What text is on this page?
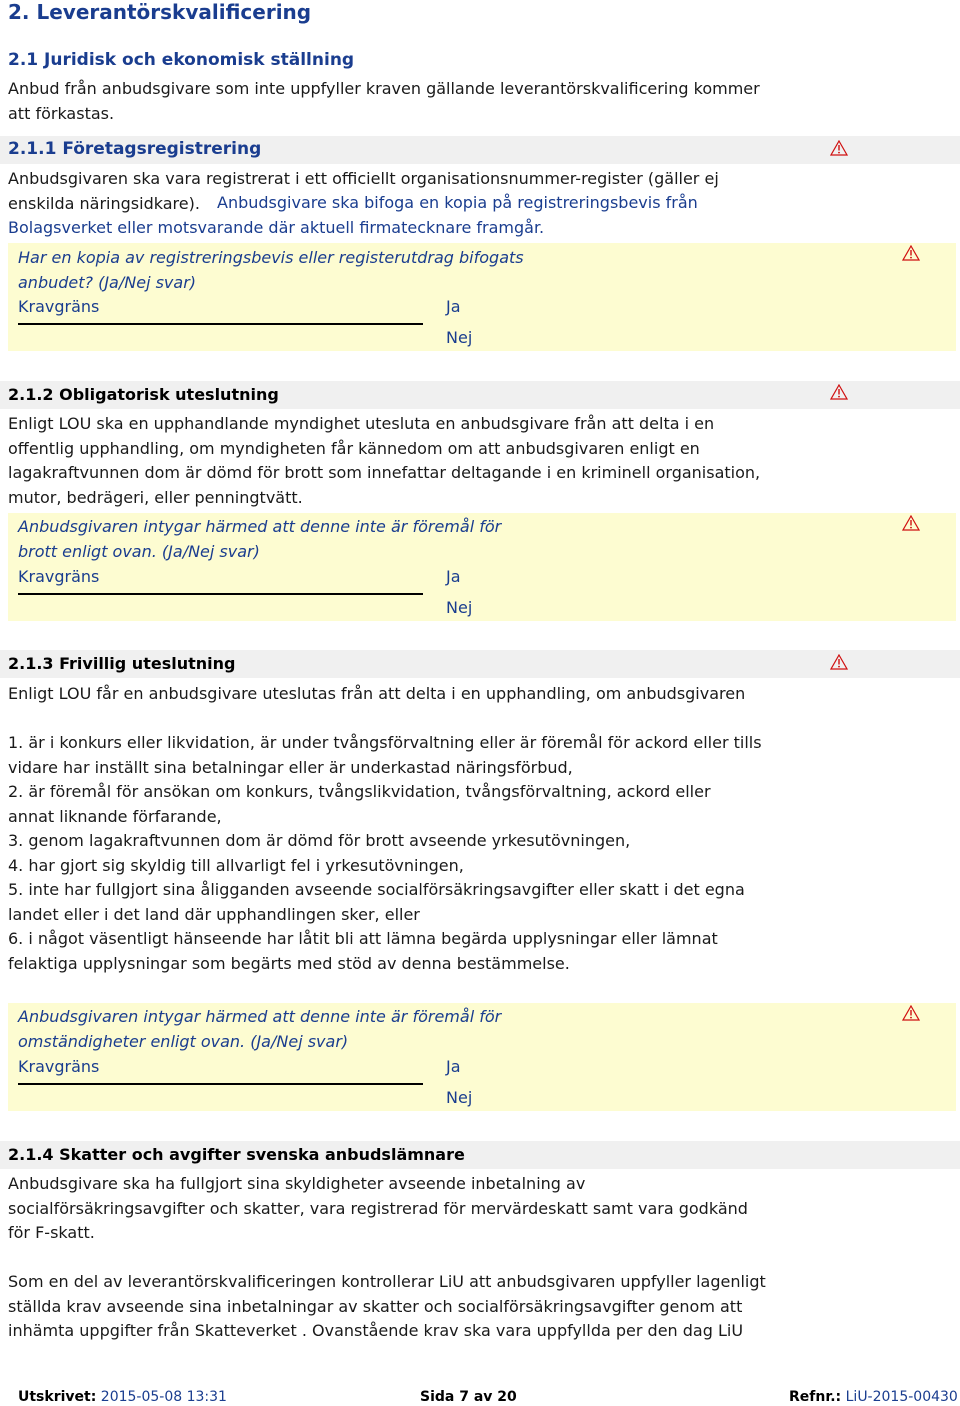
2. Leverantörskvalificering
2.1 Juridisk och ekonomisk ställning
Anbud från anbudsgivare som inte uppfyller kraven gällande leverantörskvalificering kommer
att förkastas.
2.1.1 Företagsregistrering
Anbudsgivaren ska vara registrerat i ett officiellt organisationsnummer-register (gäller ej
enskilda näringsidkare).	Anbudsgivare ska bifoga en kopia på registreringsbevis från
Bolagsverket eller motsvarande där aktuell firmatecknare framgår.
Har en kopia av registreringsbevis eller registerutdrag bifogats
anbudet? (Ja/Nej svar)
Kravgräns	Ja
Nej
2.1.2 Obligatorisk uteslutning
Enligt LOU ska en upphandlande myndighet utesluta en anbudsgivare från att delta i en
offentlig upphandling, om myndigheten får kännedom om att anbudsgivaren enligt en
lagakraftvunnen dom är dömd för brott som innefattar deltagande i en kriminell organisation,
mutor, bedrägeri, eller penningtvätt.
Anbudsgivaren intygar härmed att denne inte är föremål för
brott enligt ovan. (Ja/Nej svar)
Kravgräns	Ja
Nej
2.1.3 Frivillig uteslutning
Enligt LOU får en anbudsgivare uteslutas från att delta i en upphandling, om anbudsgivaren
1. är i konkurs eller likvidation, är under tvångsförvaltning eller är föremål för ackord eller tills
vidare har inställt sina betalningar eller är underkastad näringsförbud,
2. är föremål för ansökan om konkurs, tvångslikvidation, tvångsförvaltning, ackord eller
annat liknande förfarande,
3. genom lagakraftvunnen dom är dömd för brott avseende yrkesutövningen,
4. har gjort sig skyldig till allvarligt fel i yrkesutövningen,
5. inte har fullgjort sina åligganden avseende socialförsäkringsavgifter eller skatt i det egna
landet eller i det land där upphandlingen sker, eller
6. i något väsentligt hänseende har låtit bli att lämna begärda upplysningar eller lämnat
felaktiga upplysningar som begärts med stöd av denna bestämmelse.
Anbudsgivaren intygar härmed att denne inte är föremål för
omständigheter enligt ovan. (Ja/Nej svar)
Kravgräns	Ja
Nej
2.1.4 Skatter och avgifter svenska anbudslämnare
Anbudsgivare ska ha fullgjort sina skyldigheter avseende inbetalning av
socialförsäkringsavgifter och skatter, vara registrerad för mervärdeskatt samt vara godkänd
för F-skatt.
Som en del av leverantörskvalificeringen kontrollerar LiU att anbudsgivaren uppfyller lagenligt
ställda krav avseende sina inbetalningar av skatter och socialförsäkringsavgifter genom att
inhämta uppgifter från Skatteverket . Ovanstående krav ska vara uppfyllda per den dag LiU
Utskrivet: 2015-05-08 13:31	Sida 7 av 20	Refnr.: LiU-2015-00430
